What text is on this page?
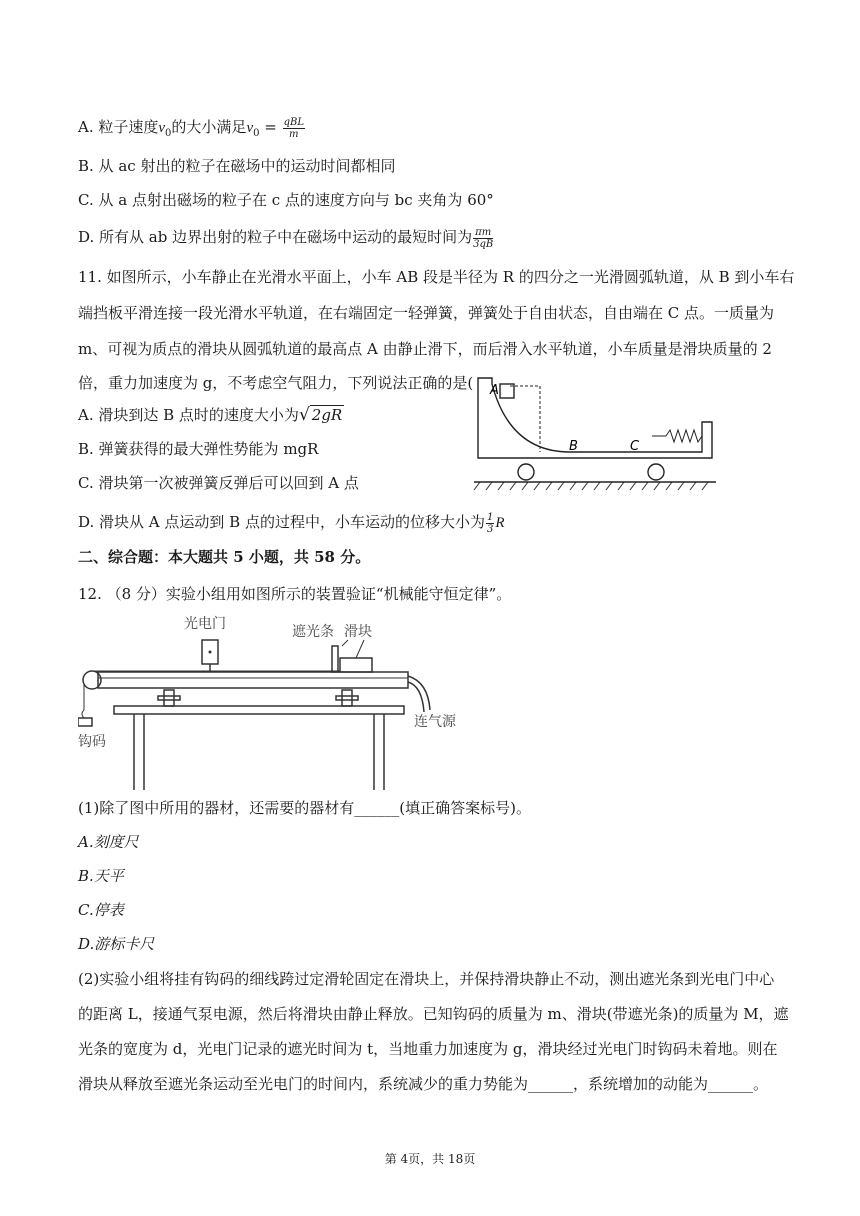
A. 粒子速度$v_0$的大小满足$v_0 = \frac{\text{qBL}}{m}$
B. 从 ac 射出的粒子在磁场中的运动时间都相同
C. 从 a 点射出磁场的粒子在 c 点的速度方向与 bc 夹角为 60°
D. 所有从 ab 边界出射的粒子中在磁场中运动的最短时间为 $\frac{\pi m}{3qB}$
11. 如图所示，小车静止在光滑水平面上，小车 AB 段是半径为 R 的四分之一光滑圆弧轨道，从 B 到小车右
端挡板平滑连接一段光滑水平轨道，在右端固定一轻弹簧，弹簧处于自由状态，自由端在 C 点。一质量为
m、可视为质点的滑块从圆弧轨道的最高点 A 由静止滑下，而后滑入水平轨道，小车质量是滑块质量的 2
倍，重力加速度为 g，不考虑空气阻力，下列说法正确的是(
A. 滑块到达 B 点时的速度大小为√ 2gR
B. 弹簧获得的最大弹性势能为 mgR
C. 滑块第一次被弹簧反弹后可以回到 A 点
D. 滑块从 A 点运动到 B 点的过程中，小车运动的位移大小为 $\frac{1}{3}$ R
A
B	C
二、综合题：本大题共 5 小题，共 58 分。
12. （8 分）实验小组用如图所示的装置验证“机械能守恒定律”。
光电门	遮光条 滑块
连气源
钩码
(1)除了图中所用的器材，还需要的器材有______(填正确答案标号)。
A.刻度尺
B.天平
C.停表
D.游标卡尺
(2)实验小组将挂有钩码的细线跨过定滑轮固定在滑块上，并保持滑块静止不动，测出遮光条到光电门中心
的距离 L，接通气泵电源，然后将滑块由静止释放。已知钩码的质量为 m、滑块(带遮光条)的质量为 M，遮
光条的宽度为 d，光电门记录的遮光时间为 t，当地重力加速度为 g，滑块经过光电门时钩码未着地。则在
滑块从释放至遮光条运动至光电门的时间内，系统减少的重力势能为______，系统增加的动能为______。
第 4页，共 18页
